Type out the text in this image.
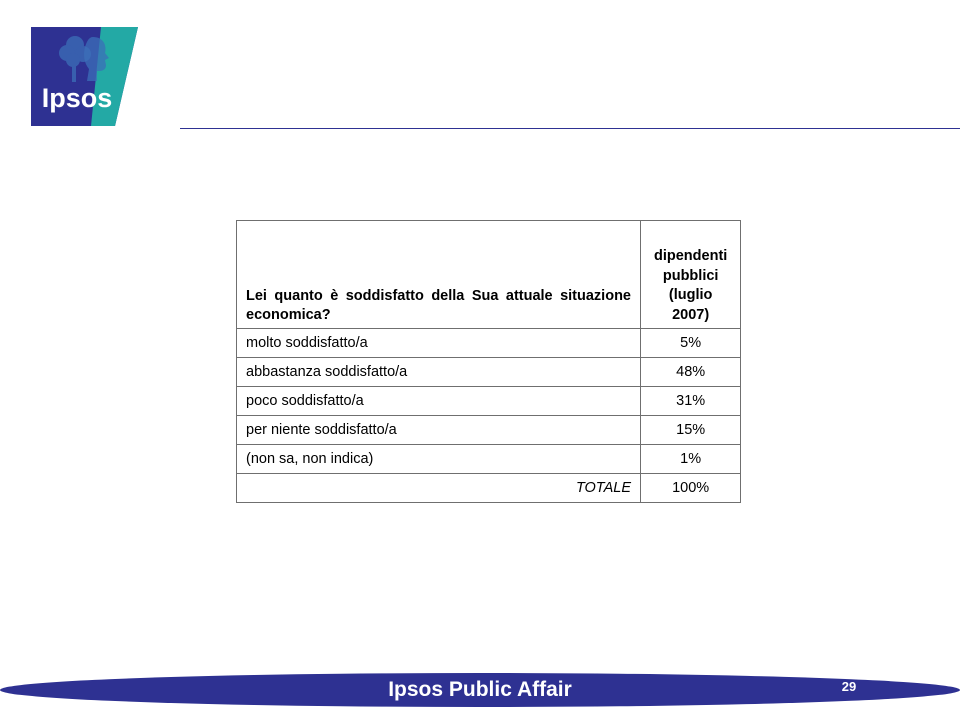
Ipsos
Lei quanto è soddisfatto della Sua attuale situazione economica?	dipendenti pubblici (luglio 2007)

molto soddisfatto/a	5%
abbastanza soddisfatto/a	48%
poco soddisfatto/a	31%
per niente soddisfatto/a	15%
(non sa, non indica)	1%
TOTALE	100%
Ipsos Public Affair	29
